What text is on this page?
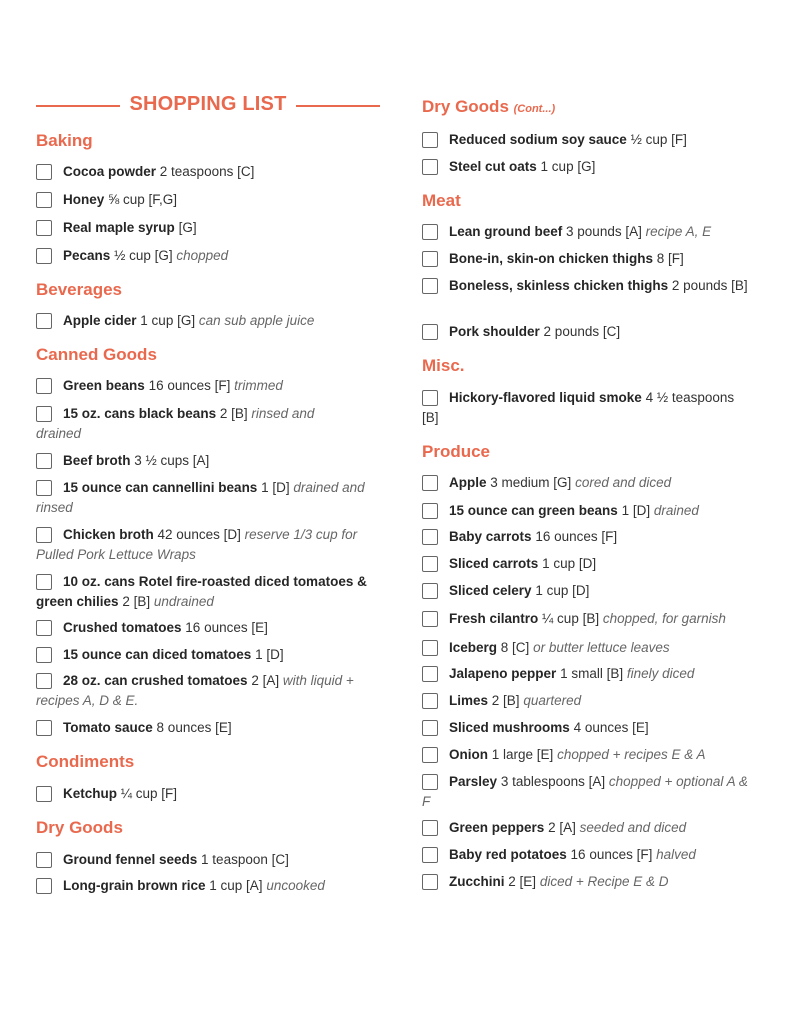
SHOPPING LIST
Baking
Cocoa powder 2 teaspoons [C]
Honey ⅝ cup [F,G]
Real maple syrup [G]
Pecans ½ cup [G] chopped
Beverages
Apple cider 1 cup [G] can sub apple juice
Canned Goods
Green beans 16 ounces [F] trimmed
15 oz. cans black beans 2 [B] rinsed and drained
Beef broth 3 ½ cups [A]
15 ounce can cannellini beans 1 [D] drained and rinsed
Chicken broth 42 ounces [D] reserve 1/3 cup for Pulled Pork Lettuce Wraps
10 oz. cans Rotel fire-roasted diced tomatoes & green chilies 2 [B] undrained
Crushed tomatoes 16 ounces [E]
15 ounce can diced tomatoes 1 [D]
28 oz. can crushed tomatoes 2 [A] with liquid + recipes A, D & E.
Tomato sauce 8 ounces [E]
Condiments
Ketchup ¼ cup [F]
Dry Goods
Ground fennel seeds 1 teaspoon [C]
Long-grain brown rice 1 cup [A] uncooked
Dry Goods (Cont...)
Reduced sodium soy sauce ½ cup [F]
Steel cut oats 1 cup [G]
Meat
Lean ground beef 3 pounds [A] recipe A, E
Bone-in, skin-on chicken thighs 8 [F]
Boneless, skinless chicken thighs 2 pounds [B]
Pork shoulder 2 pounds [C]
Misc.
Hickory-flavored liquid smoke 4 ½ teaspoons [B]
Produce
Apple 3 medium [G] cored and diced
15 ounce can green beans 1 [D] drained
Baby carrots 16 ounces [F]
Sliced carrots 1 cup [D]
Sliced celery 1 cup [D]
Fresh cilantro ¼ cup [B] chopped, for garnish
Iceberg 8 [C] or butter lettuce leaves
Jalapeno pepper 1 small [B] finely diced
Limes 2 [B] quartered
Sliced mushrooms 4 ounces [E]
Onion 1 large [E] chopped + recipes E & A
Parsley 3 tablespoons [A] chopped + optional A & F
Green peppers 2 [A] seeded and diced
Baby red potatoes 16 ounces [F] halved
Zucchini 2 [E] diced + Recipe E & D
